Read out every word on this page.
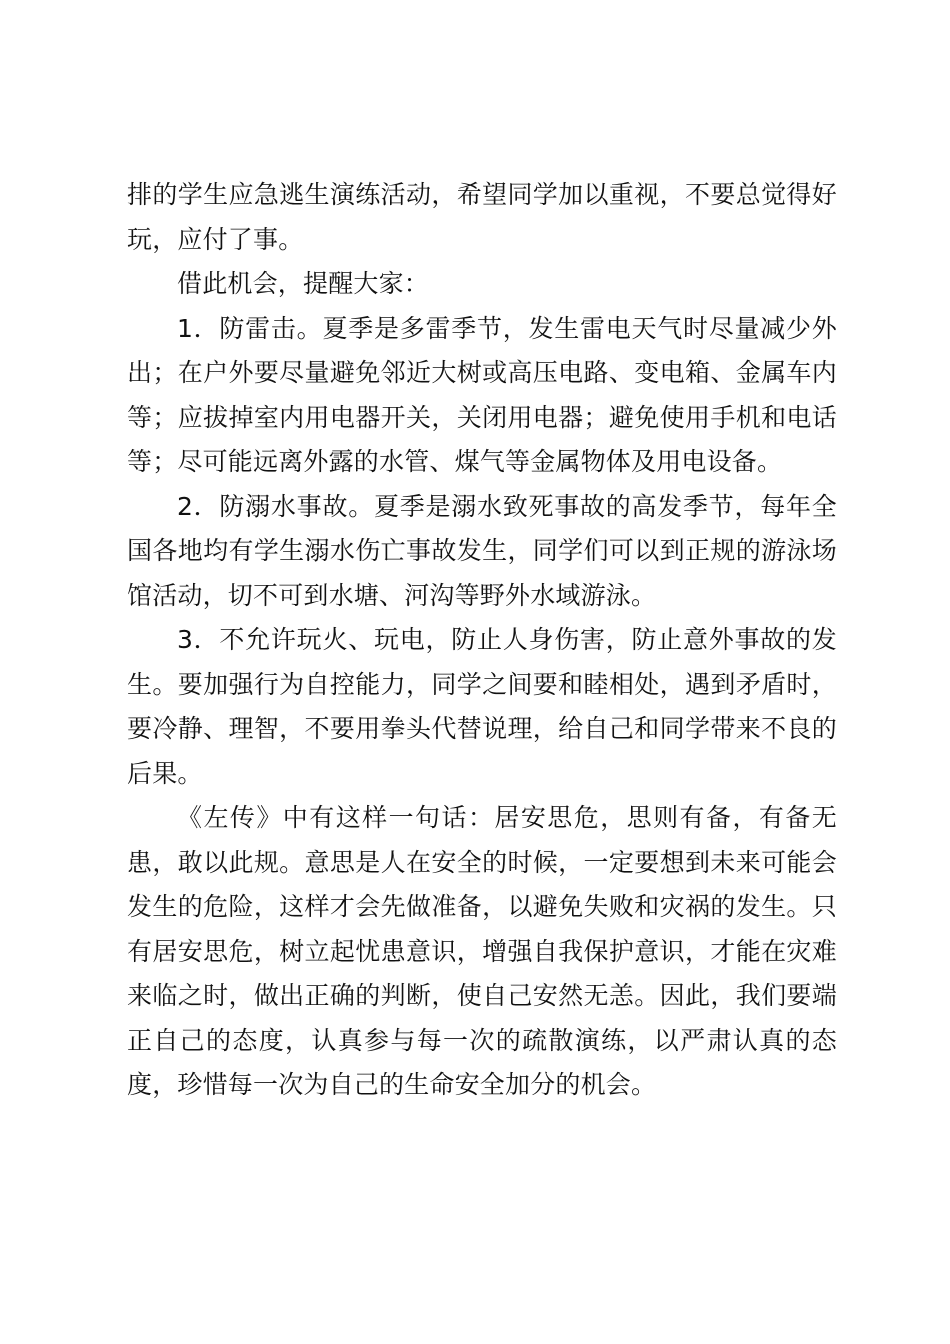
排的学生应急逃生演练活动，希望同学加以重视，不要总觉得好玩，应付了事。

借此机会，提醒大家：

1．防雷击。夏季是多雷季节，发生雷电天气时尽量减少外出；在户外要尽量避免邻近大树或高压电路、变电箱、金属车内等；应拔掉室内用电器开关，关闭用电器；避免使用手机和电话等；尽可能远离外露的水管、煤气等金属物体及用电设备。

2．防溺水事故。夏季是溺水致死事故的高发季节，每年全国各地均有学生溺水伤亡事故发生，同学们可以到正规的游泳场馆活动，切不可到水塘、河沟等野外水域游泳。

3．不允许玩火、玩电，防止人身伤害，防止意外事故的发生。要加强行为自控能力，同学之间要和睦相处，遇到矛盾时，要冷静、理智，不要用拳头代替说理，给自己和同学带来不良的后果。

《左传》中有这样一句话：居安思危，思则有备，有备无患，敢以此规。意思是人在安全的时候，一定要想到未来可能会发生的危险，这样才会先做准备，以避免失败和灾祸的发生。只有居安思危，树立起忧患意识，增强自我保护意识，才能在灾难来临之时，做出正确的判断，使自己安然无恙。因此，我们要端正自己的态度，认真参与每一次的疏散演练，以严肃认真的态度，珍惜每一次为自己的生命安全加分的机会。
